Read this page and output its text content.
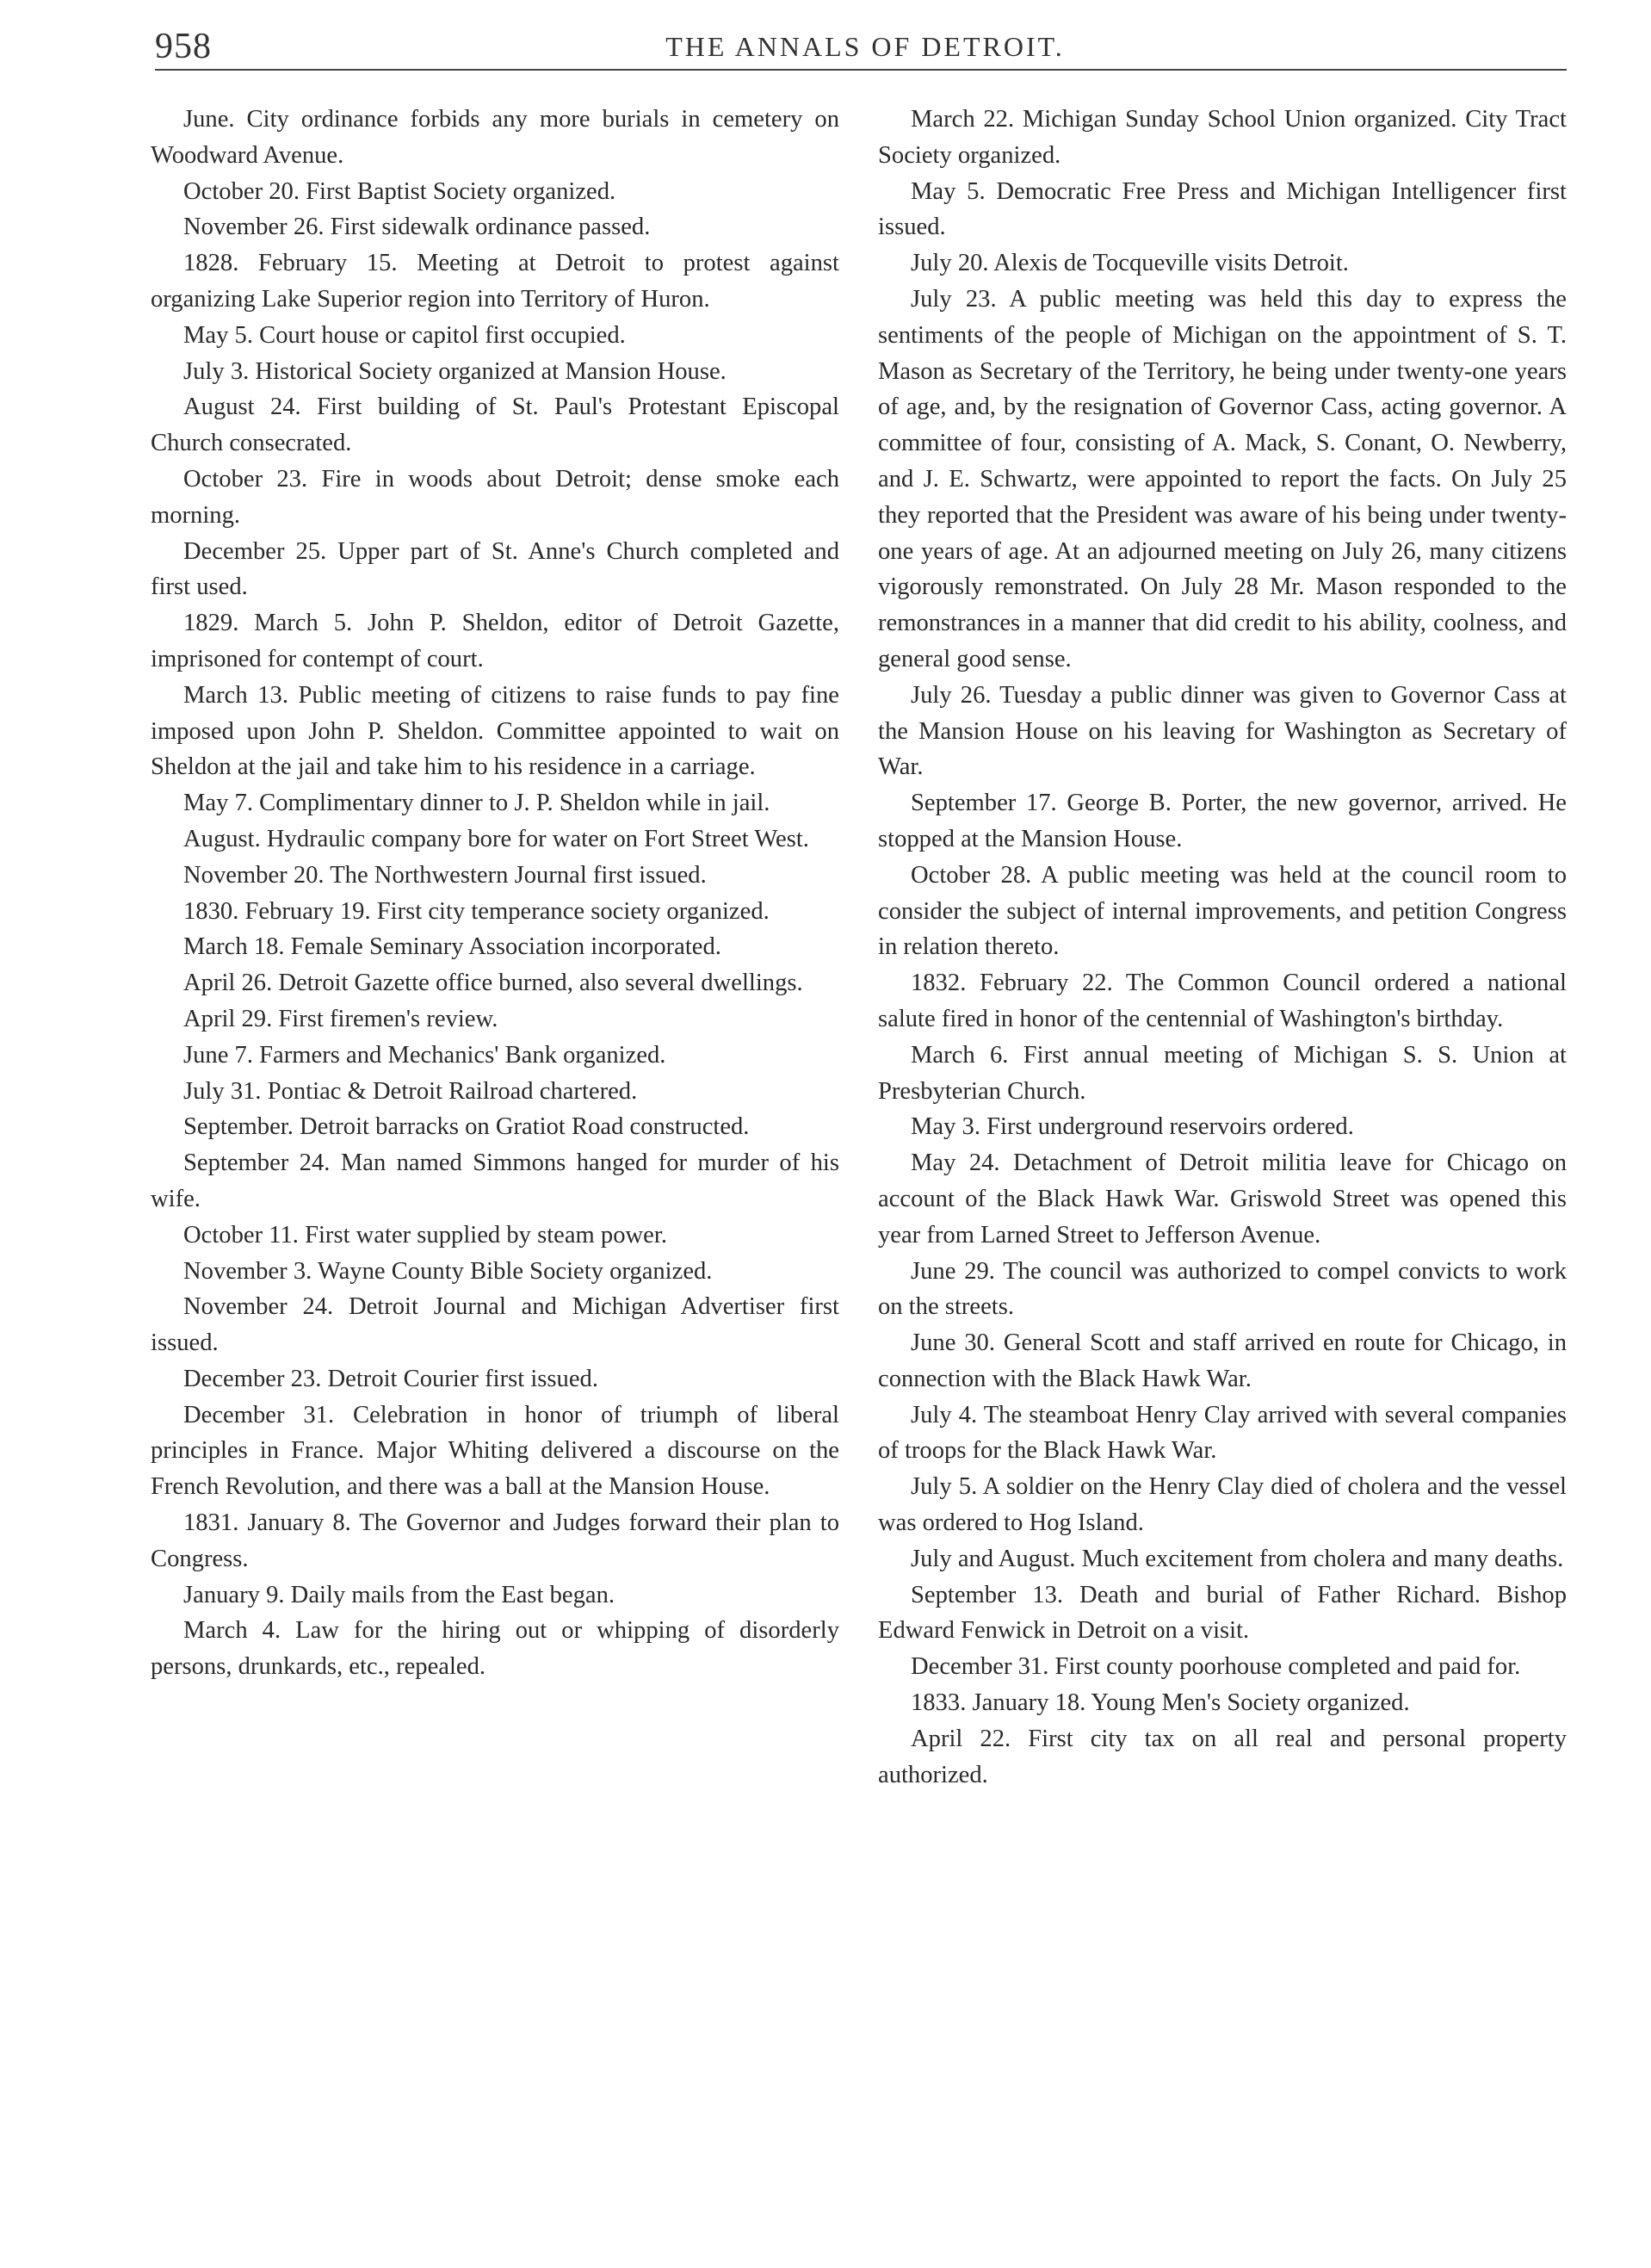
958	THE ANNALS OF DETROIT.

June. City ordinance forbids any more burials in cemetery on Woodward Avenue.

October 20. First Baptist Society organized.

November 26. First sidewalk ordinance passed.

1828. February 15. Meeting at Detroit to protest against organizing Lake Superior region into Territory of Huron.

May 5. Court house or capitol first occupied.

July 3. Historical Society organized at Mansion House.

August 24. First building of St. Paul's Protestant Episcopal Church consecrated.

October 23. Fire in woods about Detroit; dense smoke each morning.

December 25. Upper part of St. Anne's Church completed and first used.

1829. March 5. John P. Sheldon, editor of Detroit Gazette, imprisoned for contempt of court.

March 13. Public meeting of citizens to raise funds to pay fine imposed upon John P. Sheldon. Committee appointed to wait on Sheldon at the jail and take him to his residence in a carriage.

May 7. Complimentary dinner to J. P. Sheldon while in jail.

August. Hydraulic company bore for water on Fort Street West.

November 20. The Northwestern Journal first issued.

1830. February 19. First city temperance society organized.

March 18. Female Seminary Association incorporated.

April 26. Detroit Gazette office burned, also several dwellings.

April 29. First firemen's review.

June 7. Farmers and Mechanics' Bank organized.

July 31. Pontiac & Detroit Railroad chartered.

September. Detroit barracks on Gratiot Road constructed.

September 24. Man named Simmons hanged for murder of his wife.

October 11. First water supplied by steam power.

November 3. Wayne County Bible Society organized.

November 24. Detroit Journal and Michigan Advertiser first issued.

December 23. Detroit Courier first issued.

December 31. Celebration in honor of triumph of liberal principles in France. Major Whiting delivered a discourse on the French Revolution, and there was a ball at the Mansion House.

1831. January 8. The Governor and Judges forward their plan to Congress.

January 9. Daily mails from the East began.

March 4. Law for the hiring out or whipping of disorderly persons, drunkards, etc., repealed.

March 22. Michigan Sunday School Union organized. City Tract Society organized.

May 5. Democratic Free Press and Michigan Intelligencer first issued.

July 20. Alexis de Tocqueville visits Detroit.

July 23. A public meeting was held this day to express the sentiments of the people of Michigan on the appointment of S. T. Mason as Secretary of the Territory, he being under twenty-one years of age, and, by the resignation of Governor Cass, acting governor. A committee of four, consisting of A. Mack, S. Conant, O. Newberry, and J. E. Schwartz, were appointed to report the facts. On July 25 they reported that the President was aware of his being under twenty-one years of age. At an adjourned meeting on July 26, many citizens vigorously remonstrated. On July 28 Mr. Mason responded to the remonstrances in a manner that did credit to his ability, coolness, and general good sense.

July 26. Tuesday a public dinner was given to Governor Cass at the Mansion House on his leaving for Washington as Secretary of War.

September 17. George B. Porter, the new governor, arrived. He stopped at the Mansion House.

October 28. A public meeting was held at the council room to consider the subject of internal improvements, and petition Congress in relation thereto.

1832. February 22. The Common Council ordered a national salute fired in honor of the centennial of Washington's birthday.

March 6. First annual meeting of Michigan S. S. Union at Presbyterian Church.

May 3. First underground reservoirs ordered.

May 24. Detachment of Detroit militia leave for Chicago on account of the Black Hawk War. Griswold Street was opened this year from Larned Street to Jefferson Avenue.

June 29. The council was authorized to compel convicts to work on the streets.

June 30. General Scott and staff arrived en route for Chicago, in connection with the Black Hawk War.

July 4. The steamboat Henry Clay arrived with several companies of troops for the Black Hawk War.

July 5. A soldier on the Henry Clay died of cholera and the vessel was ordered to Hog Island.

July and August. Much excitement from cholera and many deaths.

September 13. Death and burial of Father Richard. Bishop Edward Fenwick in Detroit on a visit.

December 31. First county poorhouse completed and paid for.

1833. January 18. Young Men's Society organized.

April 22. First city tax on all real and personal property authorized.
